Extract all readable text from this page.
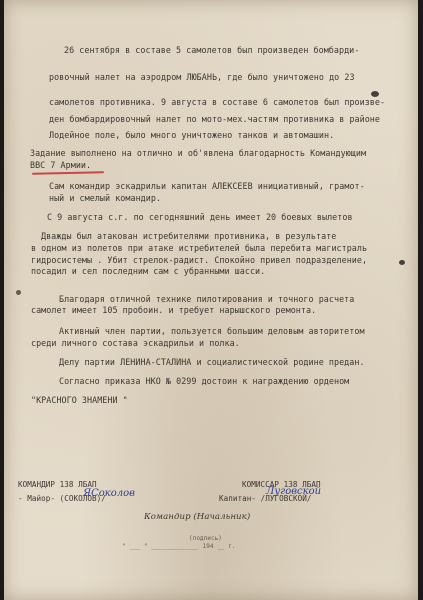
26 сентября в составе 5 самолетов был произведен бомбарди-
ровочный налет на аэродром ЛЮБАНЬ, где было уничтожено до 23
самолетов противника. 9 августа в составе 6 самолетов был произве-
ден бомбардировочный налет по мото-мех.частям противника в районе
Лодейное поле, было много уничтожено танков и автомашин.
Задание выполнено на отлично и об'явлена благодарность Командующим
ВВС 7 Армии.
Сам командир эскадрильи капитан АЛЕКСЕЕВ инициативный, грамот-
ный и смелый командир.
С 9 августа с.г. по сегодняшний день имеет 20 боевых вылетов
Дважды был атакован истребителями противника, в результате
в одном из полетов при атаке истребителей была перебита магистраль
гидросистемы . Убит стрелок-радист. Спокойно привел подразделение,
посадил и сел последним сам с убранными шасси.
Благодаря отличной технике пилотирования и точного расчета
самолет имеет 105 пробоин. и требует нарышского ремонта.
Активный член партии, пользуется большим деловым авторитетом
среди личного состава эскадрильи и полка.
Делу партии ЛЕНИНА-СТАЛИНА и социалистической родине предан.
Согласно приказа НКО № 0299 достоин к награждению орденом
"КРАСНОГО ЗНАМЕНИ "
КОМАНДИР 138 ЛБАП	КОМИССАР 138 ЛБАП
- Майор- (СОКОЛОВ)/	Капитан- /ЛУГОВСКОЙ/
ЯСоколов	Луговской
Командир (Начальник)
(подпись)
" ___ " _____________ 194 __ г.
